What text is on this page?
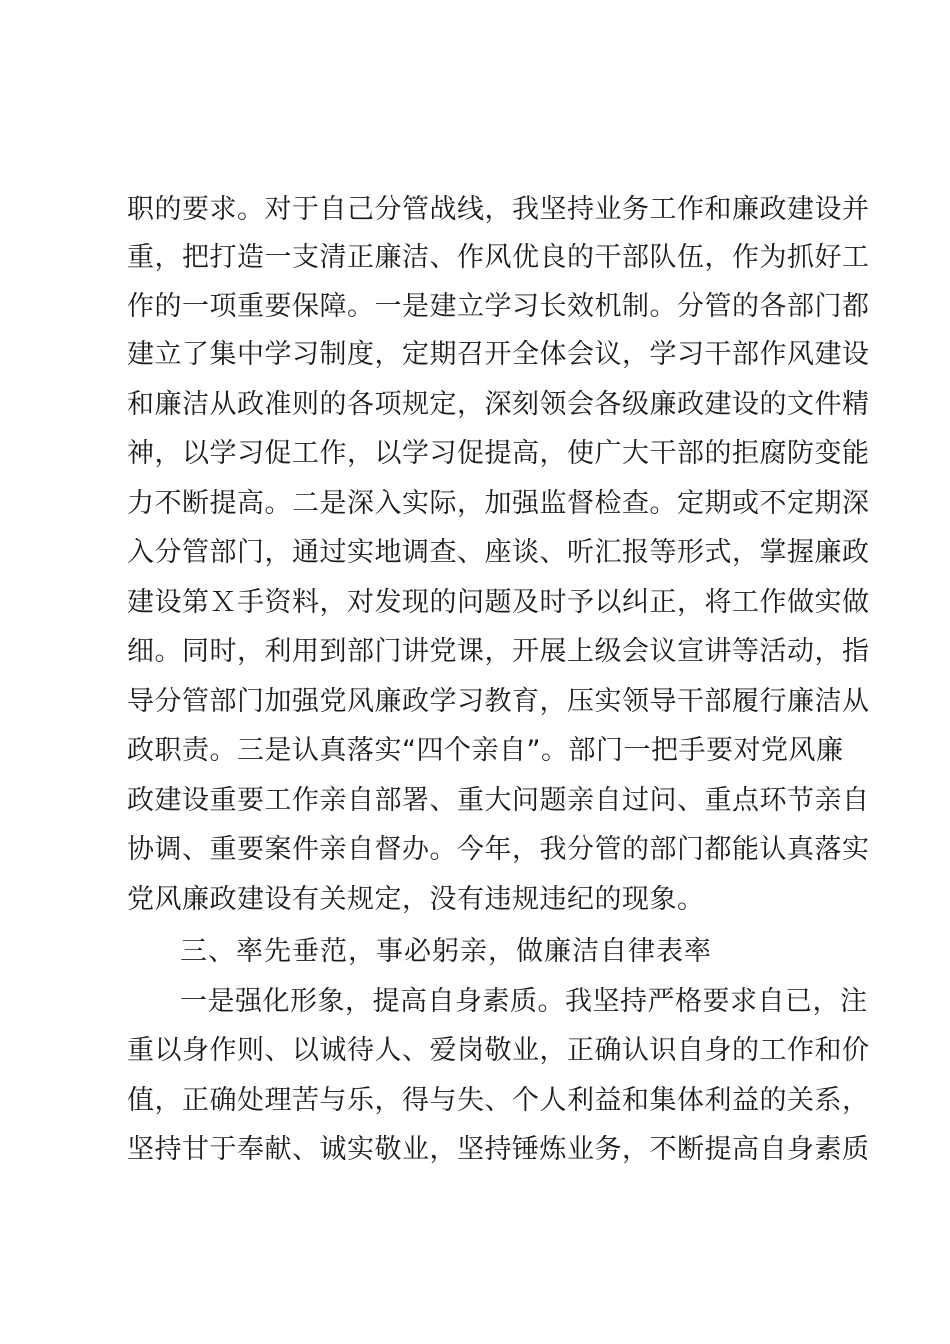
职的要求。对于自己分管战线，我坚持业务工作和廉政建设并
重，把打造一支清正廉洁、作风优良的干部队伍，作为抓好工
作的一项重要保障。一是建立学习长效机制。分管的各部门都
建立了集中学习制度，定期召开全体会议，学习干部作风建设
和廉洁从政准则的各项规定，深刻领会各级廉政建设的文件精
神，以学习促工作，以学习促提高，使广大干部的拒腐防变能
力不断提高。二是深入实际，加强监督检查。定期或不定期深
入分管部门，通过实地调查、座谈、听汇报等形式，掌握廉政
建设第Ｘ手资料，对发现的问题及时予以纠正，将工作做实做
细。同时，利用到部门讲党课，开展上级会议宣讲等活动，指
导分管部门加强党风廉政学习教育，压实领导干部履行廉洁从
政职责。三是认真落实“四个亲自”。部门一把手要对党风廉
政建设重要工作亲自部署、重大问题亲自过问、重点环节亲自
协调、重要案件亲自督办。今年，我分管的部门都能认真落实
党风廉政建设有关规定，没有违规违纪的现象。
三、率先垂范，事必躬亲，做廉洁自律表率
一是强化形象，提高自身素质。我坚持严格要求自已，注
重以身作则、以诚待人、爱岗敬业，正确认识自身的工作和价
值，正确处理苦与乐，得与失、个人利益和集体利益的关系，
坚持甘于奉献、诚实敬业，坚持锤炼业务，不断提高自身素质
